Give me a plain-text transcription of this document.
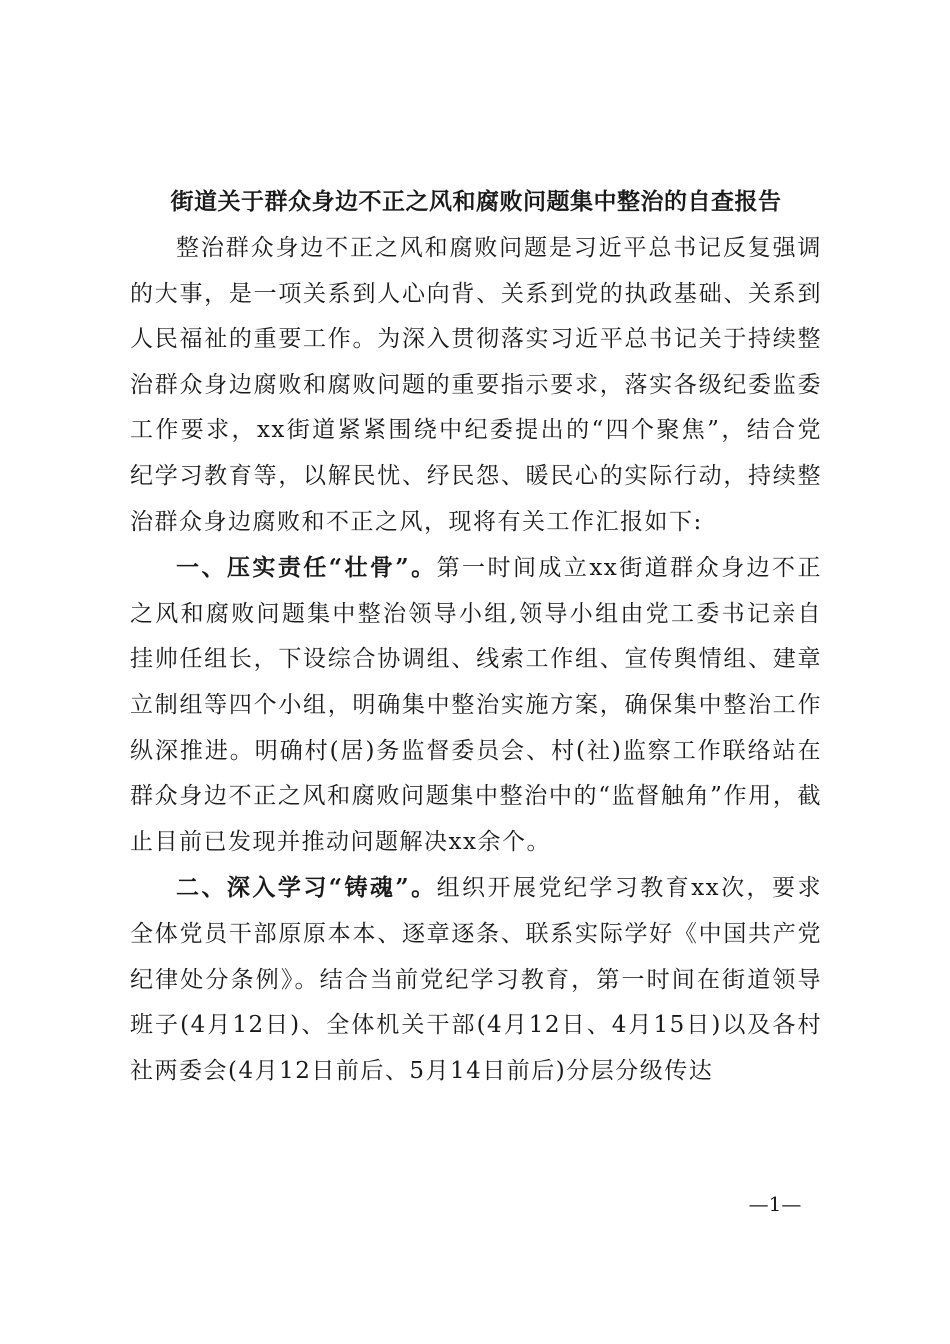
街道关于群众身边不正之风和腐败问题集中整治的自查报告

整治群众身边不正之风和腐败问题是习近平总书记反复强调的大事，是一项关系到人心向背、关系到党的执政基础、关系到人民福祉的重要工作。为深入贯彻落实习近平总书记关于持续整治群众身边腐败和腐败问题的重要指示要求，落实各级纪委监委工作要求，xx街道紧紧围绕中纪委提出的“四个聚焦”，结合党纪学习教育等，以解民忧、纾民怨、暖民心的实际行动，持续整治群众身边腐败和不正之风，现将有关工作汇报如下:

一、压实责任“壮骨”。第一时间成立xx街道群众身边不正之风和腐败问题集中整治领导小组,领导小组由党工委书记亲自挂帅任组长，下设综合协调组、线索工作组、宣传舆情组、建章立制组等四个小组，明确集中整治实施方案，确保集中整治工作纵深推进。明确村(居)务监督委员会、村(社)监察工作联络站在群众身边不正之风和腐败问题集中整治中的“监督触角”作用，截止目前已发现并推动问题解决xx余个。

二、深入学习“铸魂”。组织开展党纪学习教育xx次，要求全体党员干部原原本本、逐章逐条、联系实际学好《中国共产党纪律处分条例》。结合当前党纪学习教育，第一时间在街道领导班子(4月12日)、全体机关干部(4月12日、4月15日)以及各村社两委会(4月12日前后、5月14日前后)分层分级传达

—1—
